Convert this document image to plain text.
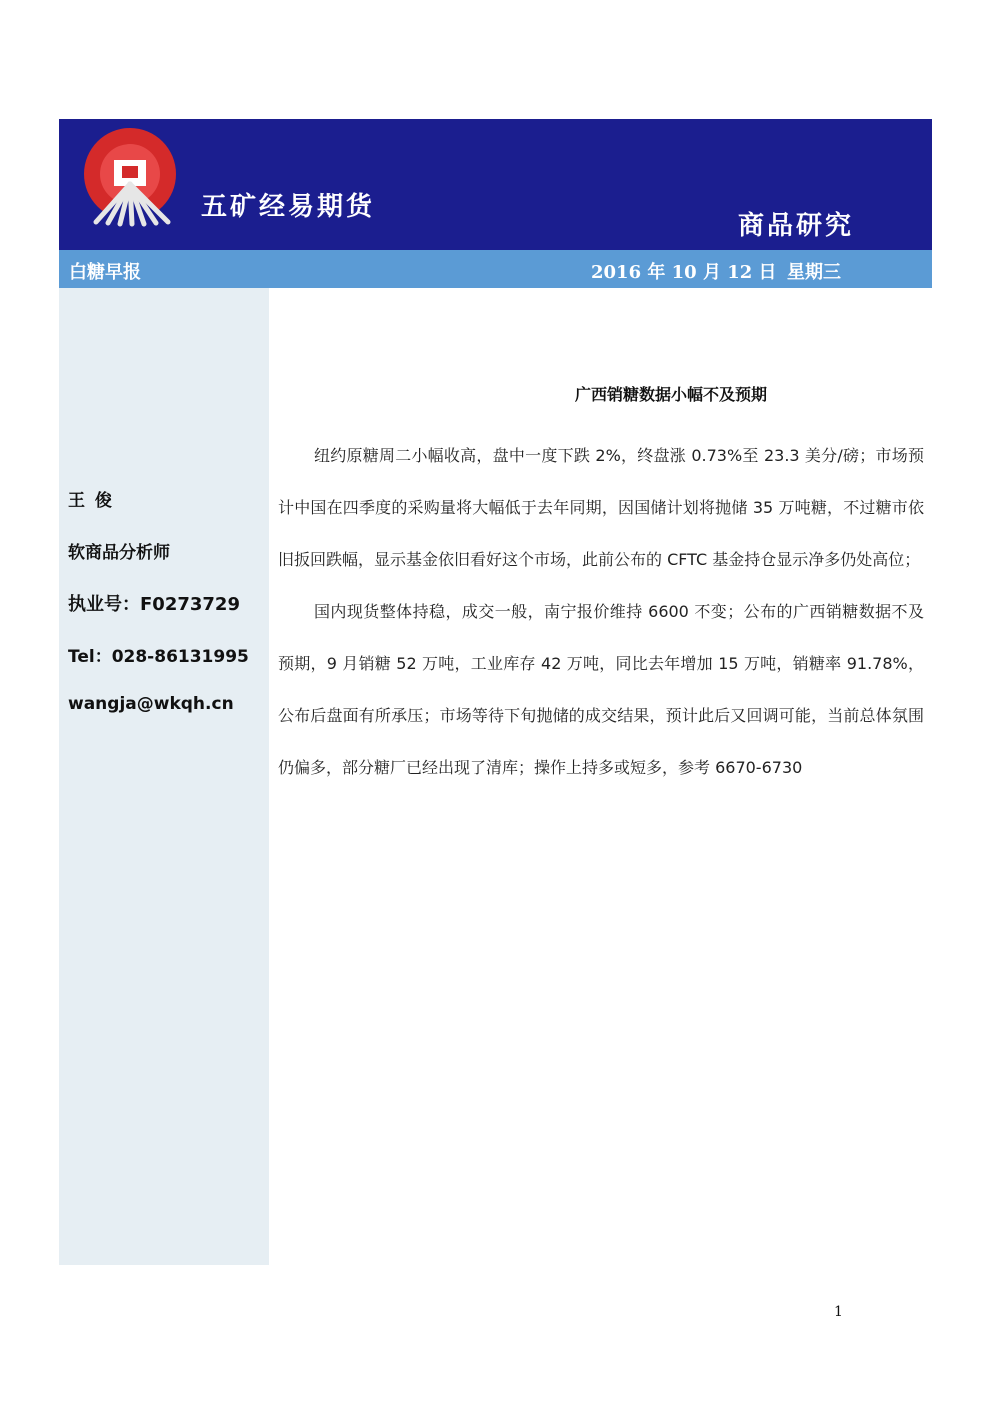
五矿经易期货
商品研究
白糖早报	2016 年 10 月 12 日 星期三
王 俊
软商品分析师
执业号：F0273729
Tel：028-86131995
wangja@wkqh.cn
广西销糖数据小幅不及预期

纽约原糖周二小幅收高，盘中一度下跌 2%，终盘涨 0.73%至 23.3 美分/磅；市场预计中国在四季度的采购量将大幅低于去年同期，因国储计划将抛储 35 万吨糖，不过糖市依旧扳回跌幅，显示基金依旧看好这个市场，此前公布的 CFTC 基金持仓显示净多仍处高位；

国内现货整体持稳，成交一般，南宁报价维持 6600 不变；公布的广西销糖数据不及预期，9 月销糖 52 万吨，工业库存 42 万吨，同比去年增加 15 万吨，销糖率 91.78%，公布后盘面有所承压；市场等待下旬抛储的成交结果，预计此后又回调可能，当前总体氛围仍偏多，部分糖厂已经出现了清库；操作上持多或短多，参考 6670-6730

1
